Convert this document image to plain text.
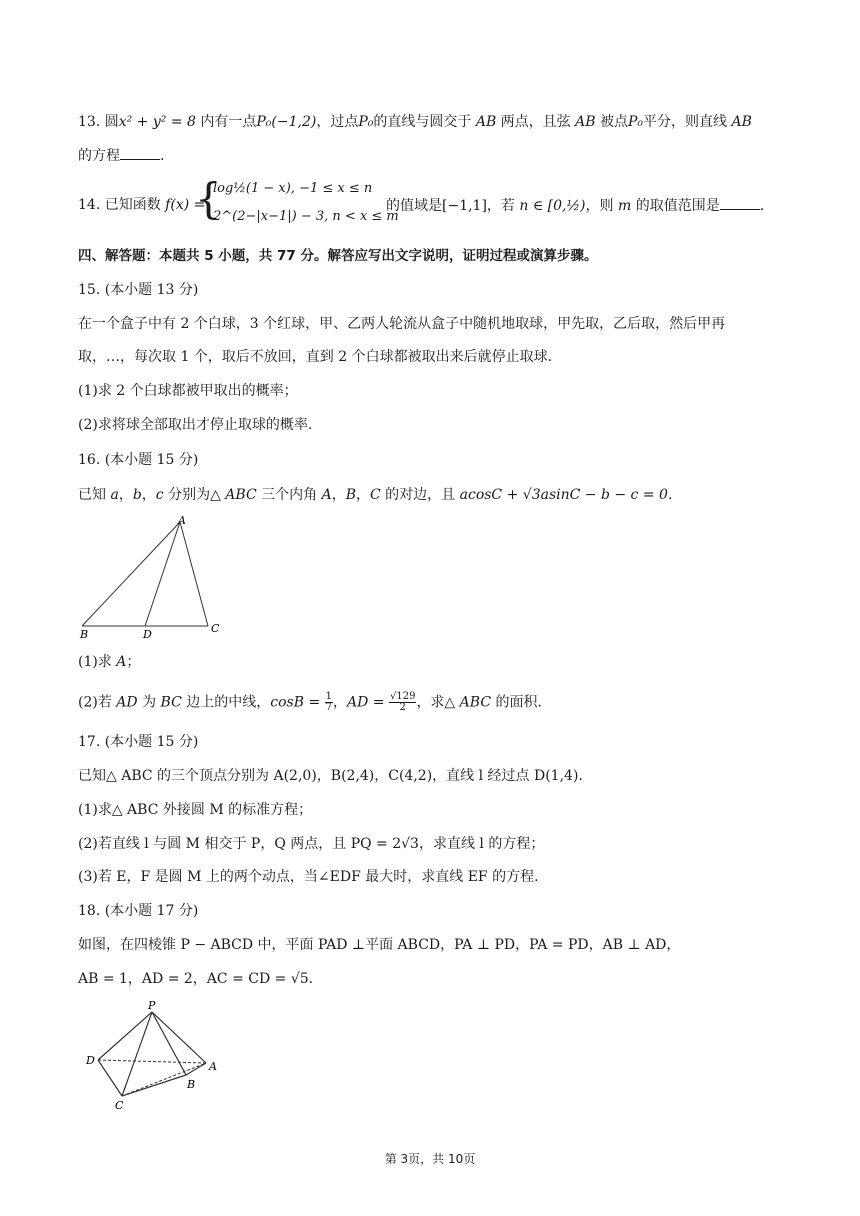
13. 圆x² + y² = 8 内有一点P₀(−1,2)，过点P₀的直线与圆交于 AB 两点，且弦 AB 被点P₀平分，则直线 AB
的方程	.
14. 已知函数 f(x) =
{
log½(1 − x), −1 ≤ x ≤ n
2^(2−|x−1|) − 3, n < x ≤ m
的值域是[−1,1]，若 n ∈ [0,½)，则 m 的取值范围是	.
四、解答题：本题共 5 小题，共 77 分。解答应写出文字说明，证明过程或演算步骤。
15. (本小题 13 分)
在一个盒子中有 2 个白球，3 个红球，甲、乙两人轮流从盒子中随机地取球，甲先取，乙后取，然后甲再
取，…，每次取 1 个，取后不放回，直到 2 个白球都被取出来后就停止取球.
(1)求 2 个白球都被甲取出的概率；
(2)求将球全部取出才停止取球的概率.
16. (本小题 15 分)
已知 a，b，c 分别为△ ABC 三个内角 A，B，C 的对边，且 acosC + √3asinC − b − c = 0.
A
B	D	C
(1)求 A；
(2)若 AD 为 BC 边上的中线，$\cos B = \frac{1}{7}$ ，AD = $\frac{√129}{2}$ ，求△ ABC 的面积.
17. (本小题 15 分)
已知△ ABC 的三个顶点分别为 A(2,0)，B(2,4)，C(4,2)，直线 l 经过点 D(1,4).
(1)求△ ABC 外接圆 M 的标准方程；
(2)若直线 l 与圆 M 相交于 P，Q 两点，且 PQ = 2√3，求直线 l 的方程；
(3)若 E，F 是圆 M 上的两个动点，当∠EDF 最大时，求直线 EF 的方程.
18. (本小题 17 分)
如图，在四棱锥 P − ABCD 中，平面 PAD ⊥平面 ABCD，PA ⊥ PD，PA = PD，AB ⊥ AD，
AB = 1，AD = 2，AC = CD = √5.
P
D	A
B
C
第 3页，共 10页
